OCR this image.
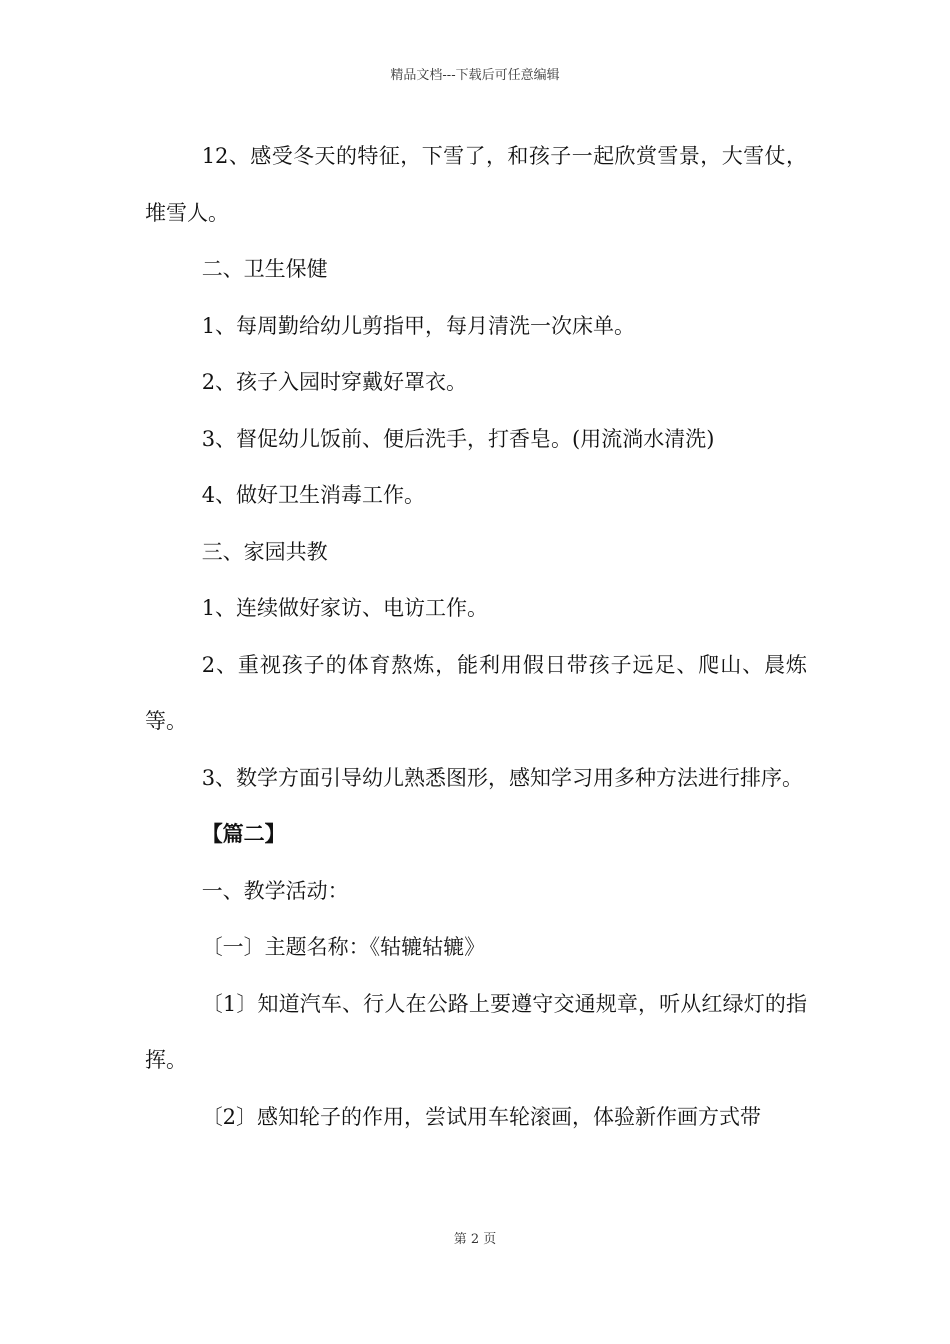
精品文档---下载后可任意编辑

12、感受冬天的特征，下雪了，和孩子一起欣赏雪景，大雪仗，堆雪人。

二、卫生保健

1、每周勤给幼儿剪指甲，每月清洗一次床单。

2、孩子入园时穿戴好罩衣。

3、督促幼儿饭前、便后洗手，打香皂。(用流淌水清洗)

4、做好卫生消毒工作。

三、家园共教

1、连续做好家访、电访工作。

2、重视孩子的体育熬炼，能利用假日带孩子远足、爬山、晨炼等。

3、数学方面引导幼儿熟悉图形，感知学习用多种方法进行排序。

【篇二】

一、教学活动：

〔一〕主题名称：《轱辘轱辘》

〔1〕知道汽车、行人在公路上要遵守交通规章，听从红绿灯的指挥。

〔2〕感知轮子的作用，尝试用车轮滚画，体验新作画方式带

第 2 页
